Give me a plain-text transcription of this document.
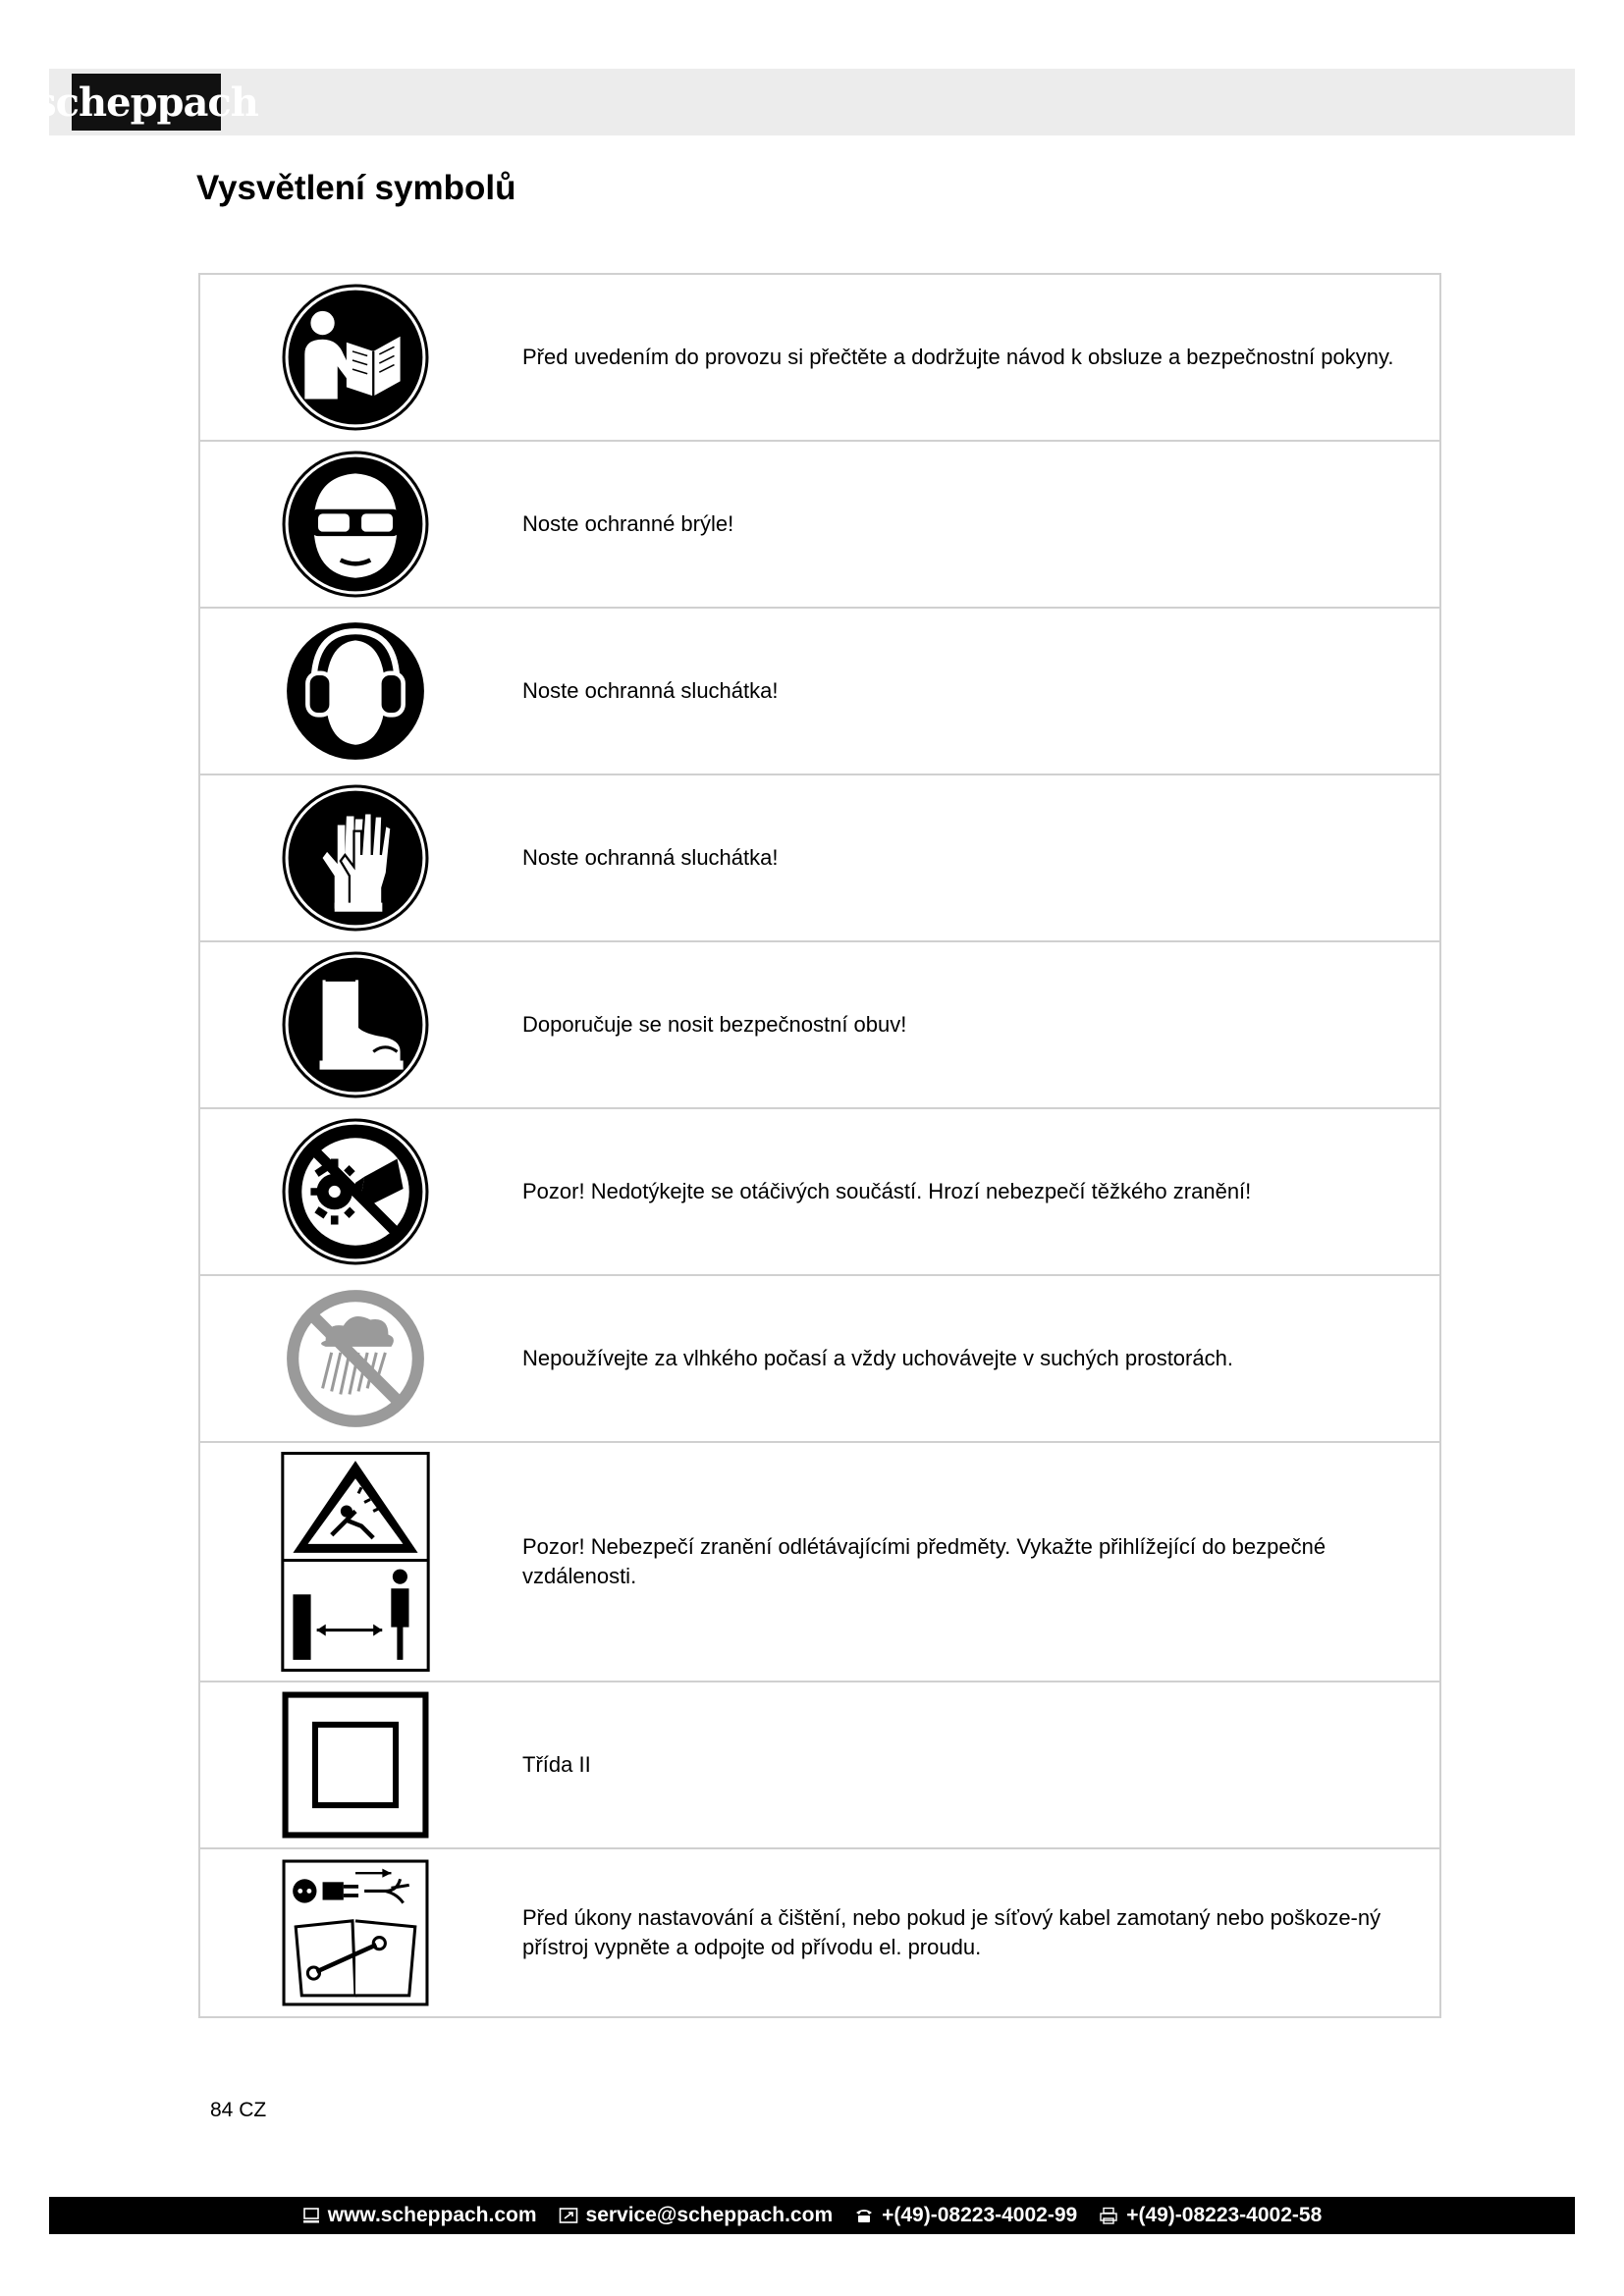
scheppach
Vysvětlení symbolů
	Před uvedením do provozu si přečtěte a dodržujte návod k obsluze a bezpečnostní pokyny.

	Noste ochranné brýle!

	Noste ochranná sluchátka!

	Noste ochranná sluchátka!

	Doporučuje se nosit bezpečnostní obuv!

	Pozor! Nedotýkejte se otáčivých součástí. Hrozí nebezpečí těžkého zranění!

	Nepoužívejte za vlhkého počasí a vždy uchovávejte v suchých prostorách.

	Pozor! Nebezpečí zranění odlétávajícími předměty. Vykažte přihlížející do bezpečné vzdálenosti.

	Třída II

	Před úkony nastavování a čištění, nebo pokud je síťový kabel zamotaný nebo poškoze-ný přístroj vypněte a odpojte od přívodu el. proudu.
84 CZ
www.scheppach.com service@scheppach.com +(49)-08223-4002-99 +(49)-08223-4002-58
